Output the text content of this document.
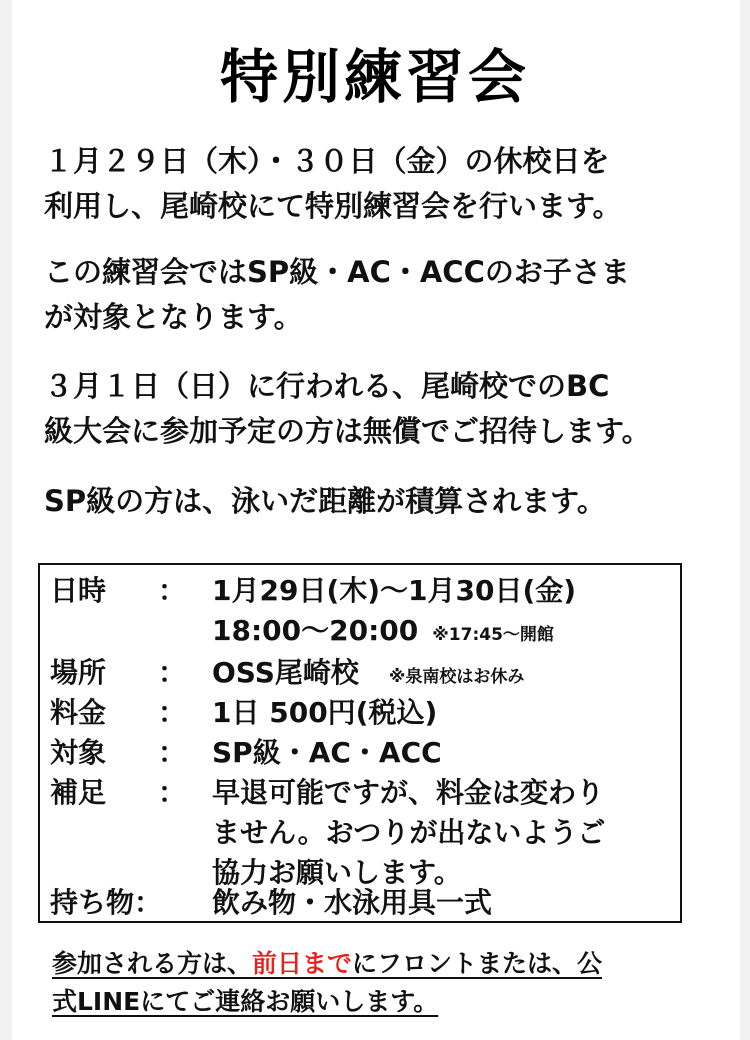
特別練習会
１月２９日（木）・３０日（金）の休校日を
利用し、尾崎校にて特別練習会を行います。
この練習会ではSP級・AC・ACCのお子さま
が対象となります。
３月１日（日）に行われる、尾崎校でのBC
級大会に参加予定の方は無償でご招待します。
SP級の方は、泳いだ距離が積算されます。
日時 ： 1月29日(木)〜1月30日(金)
18:00〜20:00 ※17:45〜開館
場所 ： OSS尾崎校 ※泉南校はお休み
料金 ： 1日 500円(税込)
対象 ： SP級・AC・ACC
補足 ： 早退可能ですが、料金は変わり
ません。おつりが出ないようご
協力お願いします。
持ち物： 飲み物・水泳用具一式
参加される方は、前日までにフロントまたは、公
式LINEにてご連絡お願いします。
